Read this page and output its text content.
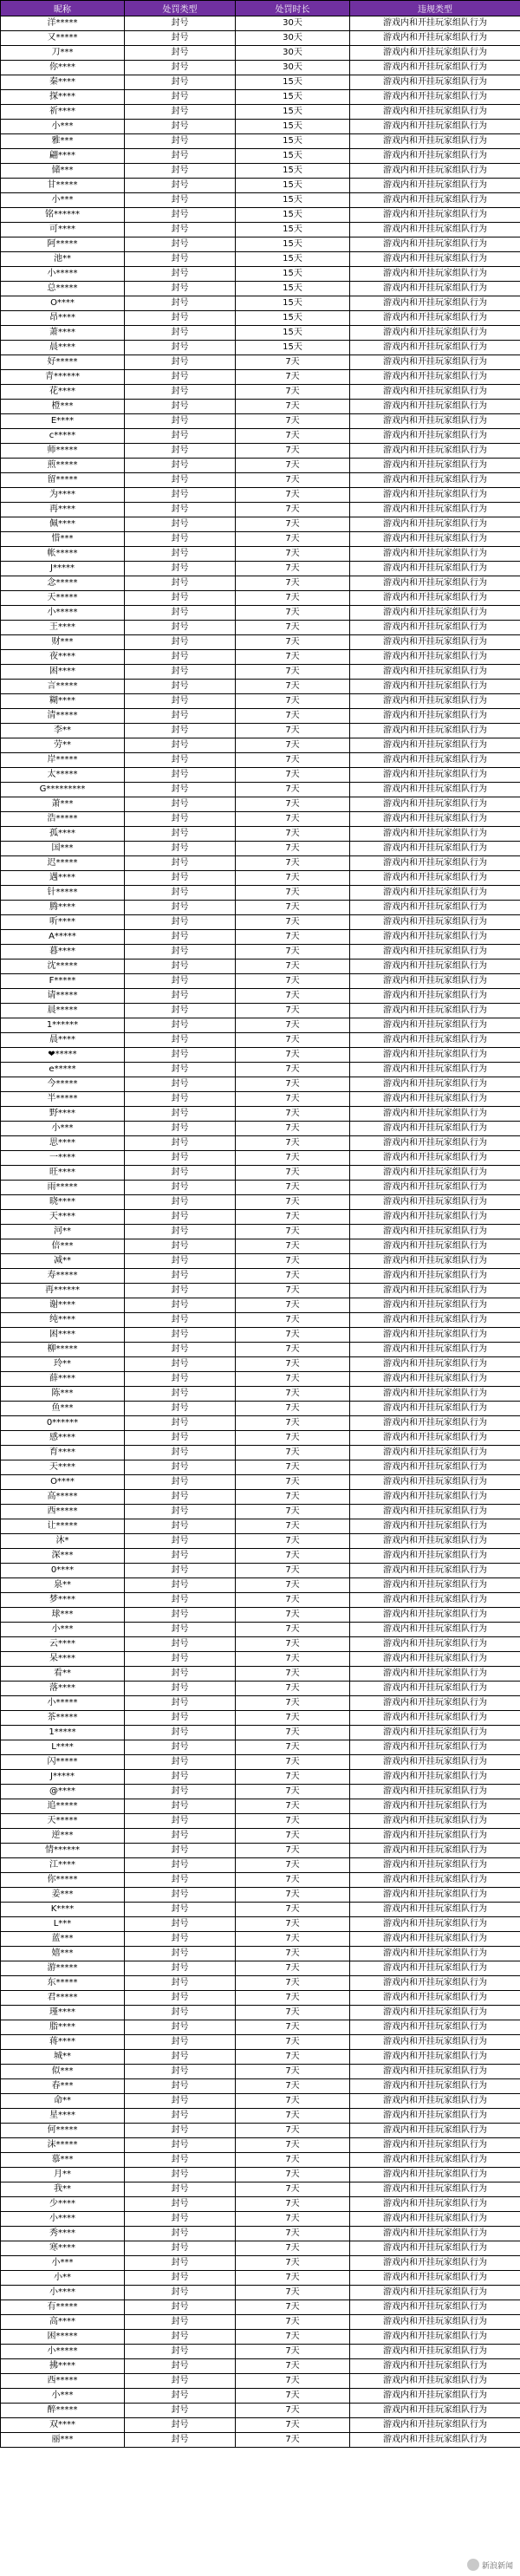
昵称	处罚类型	处罚时长	违规类型
洋*****	封号	30天	游戏内和开挂玩家组队行为
又*****	封号	30天	游戏内和开挂玩家组队行为
刀***	封号	30天	游戏内和开挂玩家组队行为
你****	封号	30天	游戏内和开挂玩家组队行为
秦****	封号	15天	游戏内和开挂玩家组队行为
探****	封号	15天	游戏内和开挂玩家组队行为
祈****	封号	15天	游戏内和开挂玩家组队行为
小***	封号	15天	游戏内和开挂玩家组队行为
雅***	封号	15天	游戏内和开挂玩家组队行为
翩****	封号	15天	游戏内和开挂玩家组队行为
储***	封号	15天	游戏内和开挂玩家组队行为
甘*****	封号	15天	游戏内和开挂玩家组队行为
小***	封号	15天	游戏内和开挂玩家组队行为
铭******	封号	15天	游戏内和开挂玩家组队行为
可****	封号	15天	游戏内和开挂玩家组队行为
阿*****	封号	15天	游戏内和开挂玩家组队行为
池**	封号	15天	游戏内和开挂玩家组队行为
小*****	封号	15天	游戏内和开挂玩家组队行为
总*****	封号	15天	游戏内和开挂玩家组队行为
O****	封号	15天	游戏内和开挂玩家组队行为
昂****	封号	15天	游戏内和开挂玩家组队行为
萧****	封号	15天	游戏内和开挂玩家组队行为
晨****	封号	15天	游戏内和开挂玩家组队行为
好*****	封号	7天	游戏内和开挂玩家组队行为
青******	封号	7天	游戏内和开挂玩家组队行为
花****	封号	7天	游戏内和开挂玩家组队行为
橙***	封号	7天	游戏内和开挂玩家组队行为
E****	封号	7天	游戏内和开挂玩家组队行为
c*****	封号	7天	游戏内和开挂玩家组队行为
师*****	封号	7天	游戏内和开挂玩家组队行为
煎*****	封号	7天	游戏内和开挂玩家组队行为
留*****	封号	7天	游戏内和开挂玩家组队行为
为****	封号	7天	游戏内和开挂玩家组队行为
再****	封号	7天	游戏内和开挂玩家组队行为
佩****	封号	7天	游戏内和开挂玩家组队行为
惜***	封号	7天	游戏内和开挂玩家组队行为
帐*****	封号	7天	游戏内和开挂玩家组队行为
J*****	封号	7天	游戏内和开挂玩家组队行为
念*****	封号	7天	游戏内和开挂玩家组队行为
天*****	封号	7天	游戏内和开挂玩家组队行为
小*****	封号	7天	游戏内和开挂玩家组队行为
王****	封号	7天	游戏内和开挂玩家组队行为
财***	封号	7天	游戏内和开挂玩家组队行为
夜****	封号	7天	游戏内和开挂玩家组队行为
困****	封号	7天	游戏内和开挂玩家组队行为
言*****	封号	7天	游戏内和开挂玩家组队行为
糊****	封号	7天	游戏内和开挂玩家组队行为
清*****	封号	7天	游戏内和开挂玩家组队行为
李**	封号	7天	游戏内和开挂玩家组队行为
劳**	封号	7天	游戏内和开挂玩家组队行为
岸*****	封号	7天	游戏内和开挂玩家组队行为
太*****	封号	7天	游戏内和开挂玩家组队行为
G*********	封号	7天	游戏内和开挂玩家组队行为
萧***	封号	7天	游戏内和开挂玩家组队行为
浩*****	封号	7天	游戏内和开挂玩家组队行为
孤****	封号	7天	游戏内和开挂玩家组队行为
国***	封号	7天	游戏内和开挂玩家组队行为
迟*****	封号	7天	游戏内和开挂玩家组队行为
遇****	封号	7天	游戏内和开挂玩家组队行为
针*****	封号	7天	游戏内和开挂玩家组队行为
腾****	封号	7天	游戏内和开挂玩家组队行为
听****	封号	7天	游戏内和开挂玩家组队行为
A*****	封号	7天	游戏内和开挂玩家组队行为
暮****	封号	7天	游戏内和开挂玩家组队行为
沈*****	封号	7天	游戏内和开挂玩家组队行为
F*****	封号	7天	游戏内和开挂玩家组队行为
请*****	封号	7天	游戏内和开挂玩家组队行为
晨*****	封号	7天	游戏内和开挂玩家组队行为
1******	封号	7天	游戏内和开挂玩家组队行为
晨****	封号	7天	游戏内和开挂玩家组队行为
❤*****	封号	7天	游戏内和开挂玩家组队行为
e*****	封号	7天	游戏内和开挂玩家组队行为
今*****	封号	7天	游戏内和开挂玩家组队行为
半*****	封号	7天	游戏内和开挂玩家组队行为
野****	封号	7天	游戏内和开挂玩家组队行为
小***	封号	7天	游戏内和开挂玩家组队行为
思****	封号	7天	游戏内和开挂玩家组队行为
一****	封号	7天	游戏内和开挂玩家组队行为
旺****	封号	7天	游戏内和开挂玩家组队行为
雨*****	封号	7天	游戏内和开挂玩家组队行为
晓****	封号	7天	游戏内和开挂玩家组队行为
天****	封号	7天	游戏内和开挂玩家组队行为
河**	封号	7天	游戏内和开挂玩家组队行为
倍***	封号	7天	游戏内和开挂玩家组队行为
减**	封号	7天	游戏内和开挂玩家组队行为
寿*****	封号	7天	游戏内和开挂玩家组队行为
再******	封号	7天	游戏内和开挂玩家组队行为
谢****	封号	7天	游戏内和开挂玩家组队行为
纯****	封号	7天	游戏内和开挂玩家组队行为
困****	封号	7天	游戏内和开挂玩家组队行为
柳*****	封号	7天	游戏内和开挂玩家组队行为
玲**	封号	7天	游戏内和开挂玩家组队行为
薛****	封号	7天	游戏内和开挂玩家组队行为
陈***	封号	7天	游戏内和开挂玩家组队行为
鱼***	封号	7天	游戏内和开挂玩家组队行为
0******	封号	7天	游戏内和开挂玩家组队行为
感****	封号	7天	游戏内和开挂玩家组队行为
育****	封号	7天	游戏内和开挂玩家组队行为
天****	封号	7天	游戏内和开挂玩家组队行为
O****	封号	7天	游戏内和开挂玩家组队行为
高*****	封号	7天	游戏内和开挂玩家组队行为
西*****	封号	7天	游戏内和开挂玩家组队行为
让*****	封号	7天	游戏内和开挂玩家组队行为
沐*	封号	7天	游戏内和开挂玩家组队行为
深***	封号	7天	游戏内和开挂玩家组队行为
0****	封号	7天	游戏内和开挂玩家组队行为
泉**	封号	7天	游戏内和开挂玩家组队行为
梦****	封号	7天	游戏内和开挂玩家组队行为
球***	封号	7天	游戏内和开挂玩家组队行为
小***	封号	7天	游戏内和开挂玩家组队行为
云****	封号	7天	游戏内和开挂玩家组队行为
呆****	封号	7天	游戏内和开挂玩家组队行为
看**	封号	7天	游戏内和开挂玩家组队行为
落****	封号	7天	游戏内和开挂玩家组队行为
小*****	封号	7天	游戏内和开挂玩家组队行为
茶*****	封号	7天	游戏内和开挂玩家组队行为
1*****	封号	7天	游戏内和开挂玩家组队行为
L****	封号	7天	游戏内和开挂玩家组队行为
闪*****	封号	7天	游戏内和开挂玩家组队行为
J*****	封号	7天	游戏内和开挂玩家组队行为
@****	封号	7天	游戏内和开挂玩家组队行为
追*****	封号	7天	游戏内和开挂玩家组队行为
天*****	封号	7天	游戏内和开挂玩家组队行为
逆***	封号	7天	游戏内和开挂玩家组队行为
情******	封号	7天	游戏内和开挂玩家组队行为
江****	封号	7天	游戏内和开挂玩家组队行为
你*****	封号	7天	游戏内和开挂玩家组队行为
姜***	封号	7天	游戏内和开挂玩家组队行为
K****	封号	7天	游戏内和开挂玩家组队行为
L***	封号	7天	游戏内和开挂玩家组队行为
蓝***	封号	7天	游戏内和开挂玩家组队行为
嬉***	封号	7天	游戏内和开挂玩家组队行为
游*****	封号	7天	游戏内和开挂玩家组队行为
东*****	封号	7天	游戏内和开挂玩家组队行为
君*****	封号	7天	游戏内和开挂玩家组队行为
瑾****	封号	7天	游戏内和开挂玩家组队行为
脂****	封号	7天	游戏内和开挂玩家组队行为
蒋****	封号	7天	游戏内和开挂玩家组队行为
城**	封号	7天	游戏内和开挂玩家组队行为
似***	封号	7天	游戏内和开挂玩家组队行为
春***	封号	7天	游戏内和开挂玩家组队行为
命**	封号	7天	游戏内和开挂玩家组队行为
星****	封号	7天	游戏内和开挂玩家组队行为
何*****	封号	7天	游戏内和开挂玩家组队行为
沫*****	封号	7天	游戏内和开挂玩家组队行为
慕***	封号	7天	游戏内和开挂玩家组队行为
月**	封号	7天	游戏内和开挂玩家组队行为
我**	封号	7天	游戏内和开挂玩家组队行为
少****	封号	7天	游戏内和开挂玩家组队行为
小****	封号	7天	游戏内和开挂玩家组队行为
秀****	封号	7天	游戏内和开挂玩家组队行为
寒****	封号	7天	游戏内和开挂玩家组队行为
小***	封号	7天	游戏内和开挂玩家组队行为
小**	封号	7天	游戏内和开挂玩家组队行为
小****	封号	7天	游戏内和开挂玩家组队行为
有*****	封号	7天	游戏内和开挂玩家组队行为
高****	封号	7天	游戏内和开挂玩家组队行为
困*****	封号	7天	游戏内和开挂玩家组队行为
小*****	封号	7天	游戏内和开挂玩家组队行为
拂****	封号	7天	游戏内和开挂玩家组队行为
西*****	封号	7天	游戏内和开挂玩家组队行为
小***	封号	7天	游戏内和开挂玩家组队行为
醉*****	封号	7天	游戏内和开挂玩家组队行为
双****	封号	7天	游戏内和开挂玩家组队行为
丽***	封号	7天	游戏内和开挂玩家组队行为
新浪新闻
